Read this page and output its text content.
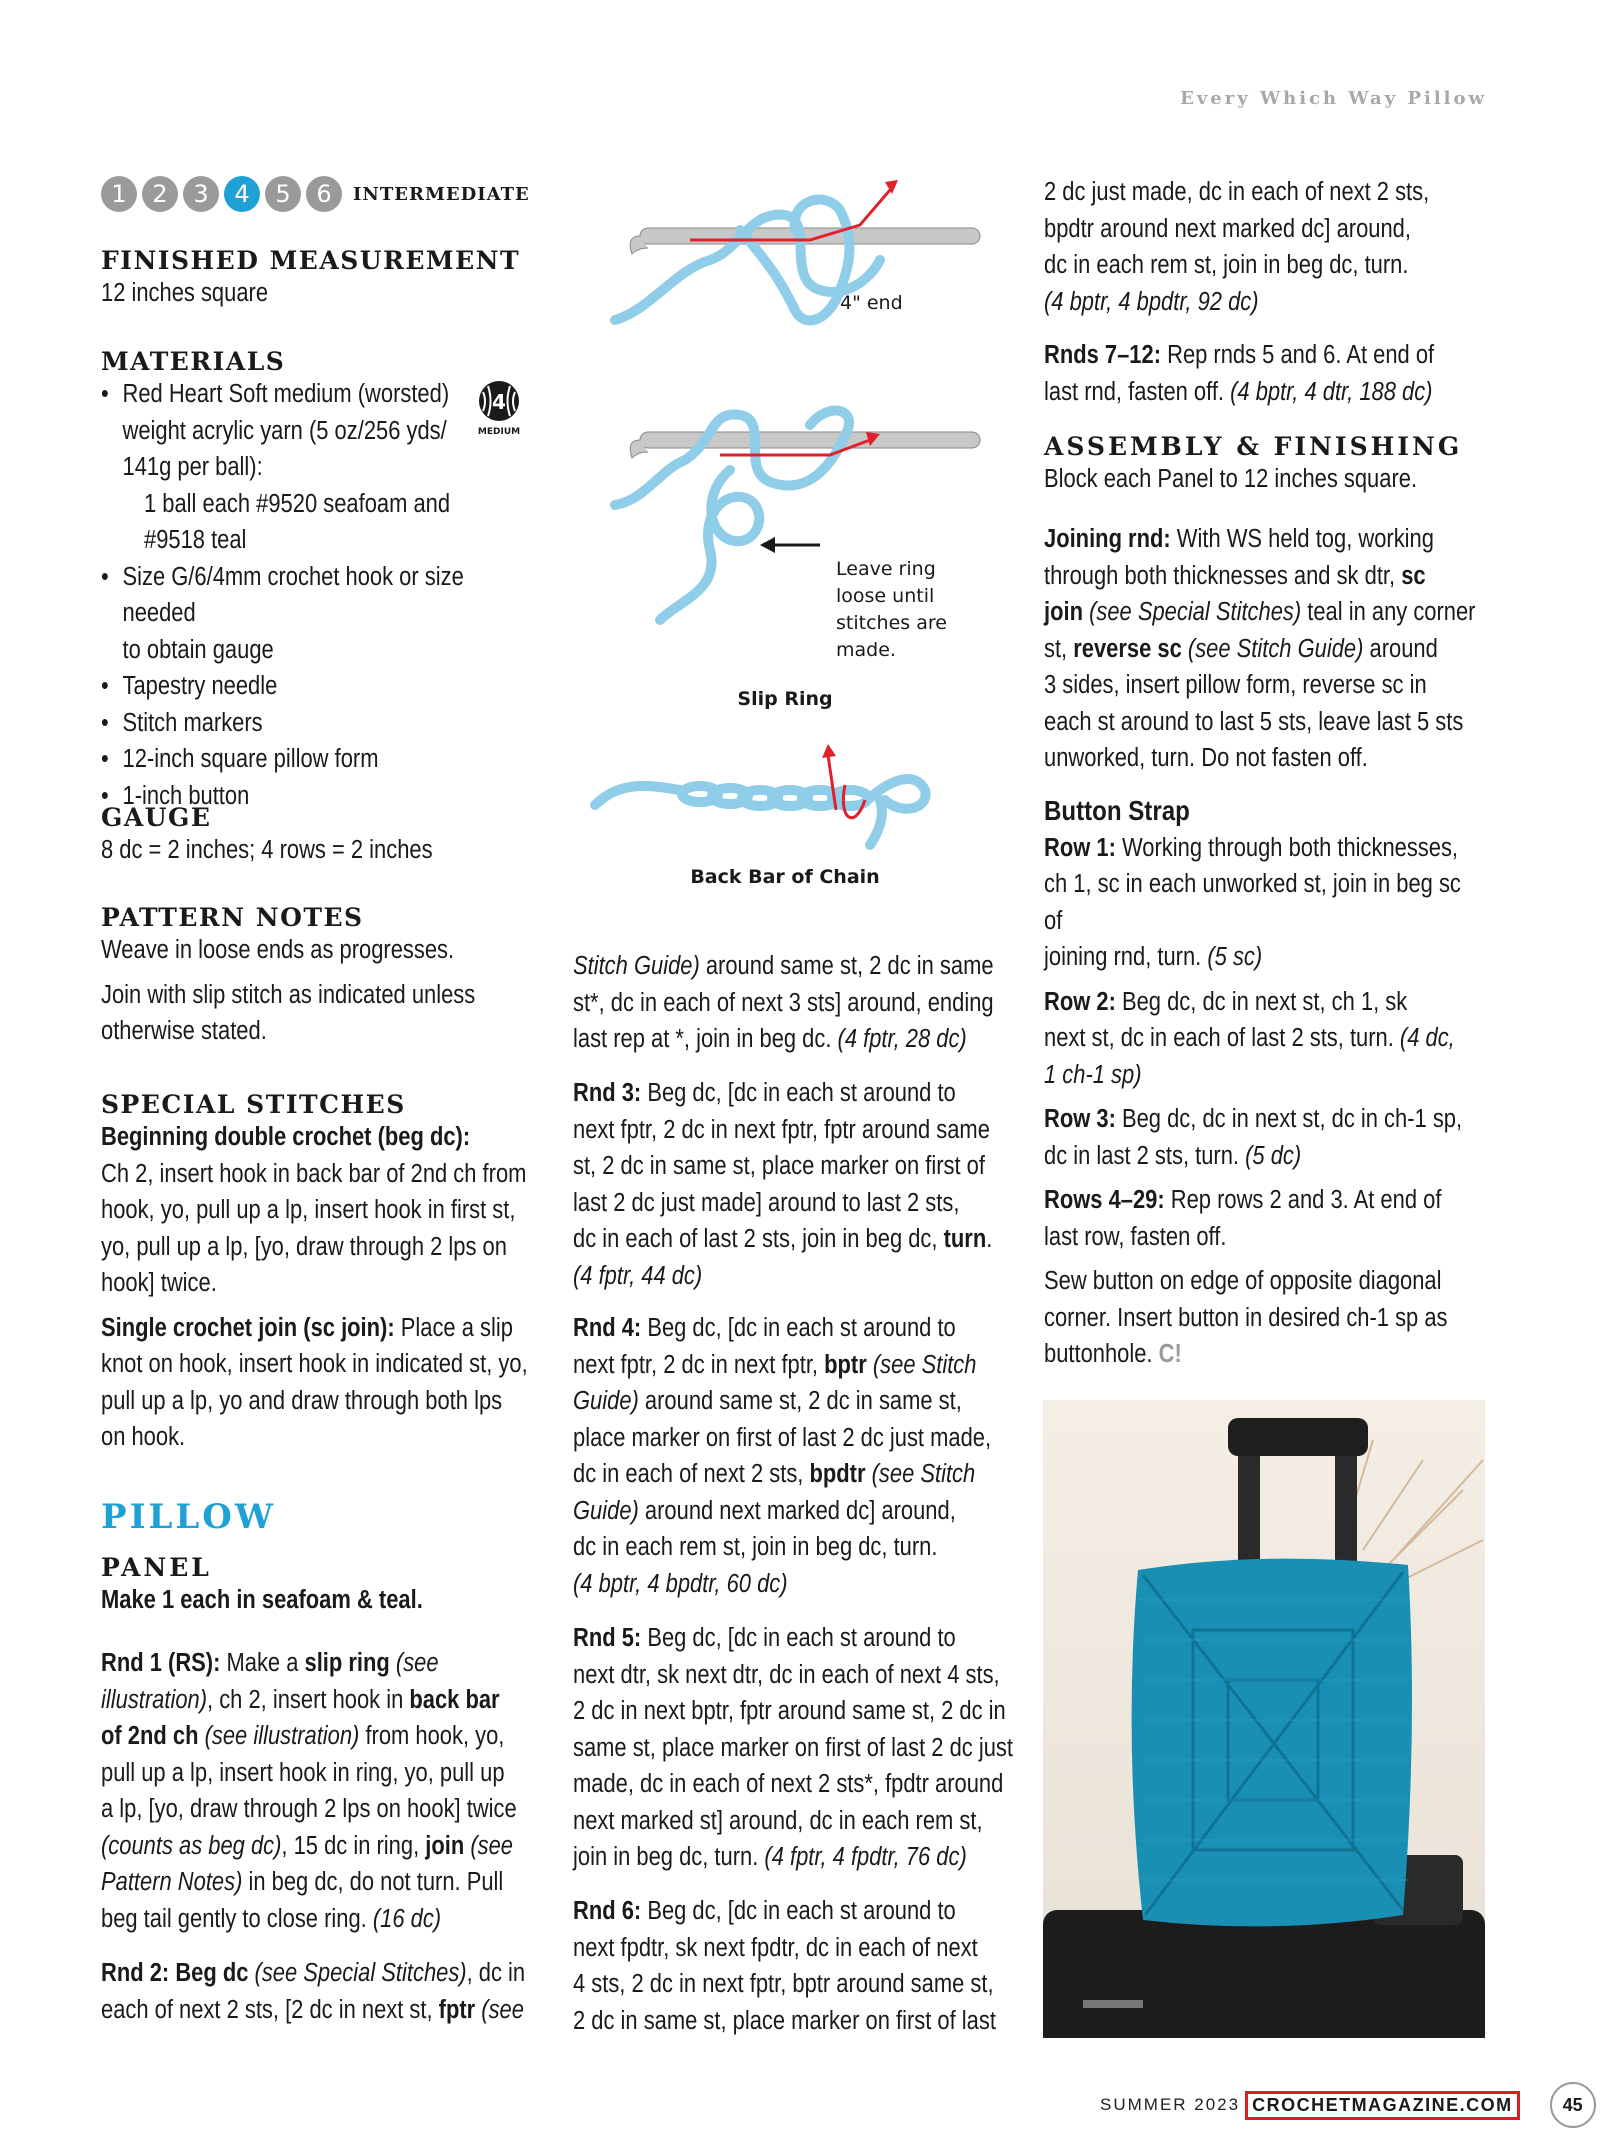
Every Which Way Pillow
1	2	3	4	5	6	INTERMEDIATE
FINISHED MEASUREMENT
12 inches square
MATERIALS
• Red Heart Soft medium (worsted)
weight acrylic yarn (5 oz/256 yds/
141g per ball):
1 ball each #9520 seafoam and
#9518 teal
• Size G/6/4mm crochet hook or size needed
to obtain gauge
• Tapestry needle
• Stitch markers
• 12-inch square pillow form
• 1-inch button
4
MEDIUM
GAUGE
8 dc = 2 inches; 4 rows = 2 inches
PATTERN NOTES

Weave in loose ends as progresses.

Join with slip stitch as indicated unless

otherwise stated.

SPECIAL STITCHES

Beginning double crochet (beg dc):

Ch 2, insert hook in back bar of 2nd ch from

hook, yo, pull up a lp, insert hook in first st,

yo, pull up a lp, [yo, draw through 2 lps on

hook] twice.

Single crochet join (sc join): Place a slip

knot on hook, insert hook in indicated st, yo,

pull up a lp, yo and draw through both lps

on hook.

PILLOW
PANEL

Make 1 each in seafoam & teal.

Rnd 1 (RS): Make a slip ring (see

illustration), ch 2, insert hook in back bar

of 2nd ch (see illustration) from hook, yo,

pull up a lp, insert hook in ring, yo, pull up

a lp, [yo, draw through 2 lps on hook] twice

(counts as beg dc), 15 dc in ring, join (see

Pattern Notes) in beg dc, do not turn. Pull

beg tail gently to close ring. (16 dc)

Rnd 2: Beg dc (see Special Stitches), dc in

each of next 2 sts, [2 dc in next st, fptr (see

4" end
Leave ring
loose until
stitches are
made.
Slip Ring
Back Bar of Chain

Stitch Guide) around same st, 2 dc in same

st*, dc in each of next 3 sts] around, ending

last rep at *, join in beg dc. (4 fptr, 28 dc)

Rnd 3: Beg dc, [dc in each st around to

next fptr, 2 dc in next fptr, fptr around same

st, 2 dc in same st, place marker on first of

last 2 dc just made] around to last 2 sts,

dc in each of last 2 sts, join in beg dc, turn.

(4 fptr, 44 dc)

Rnd 4: Beg dc, [dc in each st around to

next fptr, 2 dc in next fptr, bptr (see Stitch

Guide) around same st, 2 dc in same st,

place marker on first of last 2 dc just made,

dc in each of next 2 sts, bpdtr (see Stitch

Guide) around next marked dc] around,

dc in each rem st, join in beg dc, turn.

(4 bptr, 4 bpdtr, 60 dc)

Rnd 5: Beg dc, [dc in each st around to

next dtr, sk next dtr, dc in each of next 4 sts,

2 dc in next bptr, fptr around same st, 2 dc in

same st, place marker on first of last 2 dc just

made, dc in each of next 2 sts*, fpdtr around

next marked st] around, dc in each rem st,

join in beg dc, turn. (4 fptr, 4 fpdtr, 76 dc)

Rnd 6: Beg dc, [dc in each st around to

next fpdtr, sk next fpdtr, dc in each of next

4 sts, 2 dc in next fptr, bptr around same st,

2 dc in same st, place marker on first of last

2 dc just made, dc in each of next 2 sts,

bpdtr around next marked dc] around,

dc in each rem st, join in beg dc, turn.

(4 bptr, 4 bpdtr, 92 dc)

Rnds 7–12: Rep rnds 5 and 6. At end of

last rnd, fasten off. (4 bptr, 4 dtr, 188 dc)

ASSEMBLY & FINISHING
Block each Panel to 12 inches square.

Joining rnd: With WS held tog, working

through both thicknesses and sk dtr, sc

join (see Special Stitches) teal in any corner

st, reverse sc (see Stitch Guide) around

3 sides, insert pillow form, reverse sc in

each st around to last 5 sts, leave last 5 sts

unworked, turn. Do not fasten off.

Button Strap

Row 1: Working through both thicknesses,

ch 1, sc in each unworked st, join in beg sc of

joining rnd, turn. (5 sc)

Row 2: Beg dc, dc in next st, ch 1, sk

next st, dc in each of last 2 sts, turn. (4 dc,

1 ch-1 sp)

Row 3: Beg dc, dc in next st, dc in ch-1 sp,

dc in last 2 sts, turn. (5 dc)

Rows 4–29: Rep rows 2 and 3. At end of

last row, fasten off.

Sew button on edge of opposite diagonal

corner. Insert button in desired ch-1 sp as

buttonhole. C!

SUMMER 2023 CROCHETMAGAZINE.COM	45
